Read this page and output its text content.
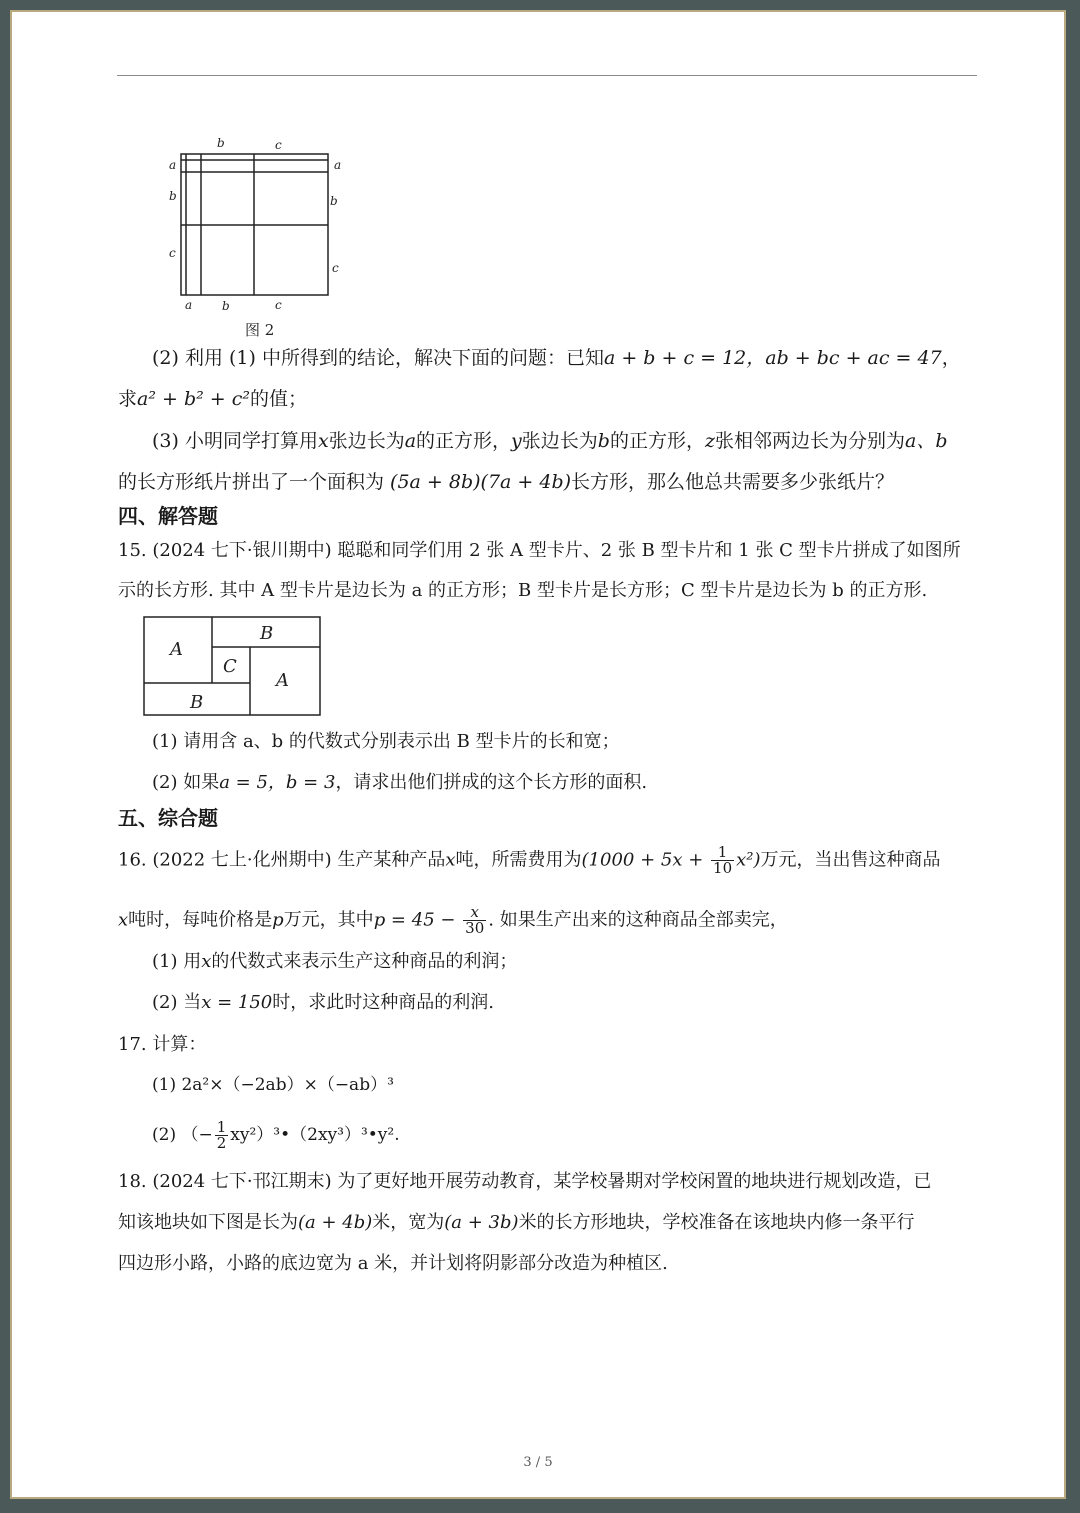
b	c
a
b
c
a
b
c
a b	c
图 2
(2) 利用 (1) 中所得到的结论，解决下面的问题：已知a + b + c = 12，ab + bc + ac = 47，
求a² + b² + c²的值；
(3) 小明同学打算用x张边长为a的正方形，y张边长为b的正方形，z张相邻两边长为分别为a、b
的长方形纸片拼出了一个面积为 (5a + 8b)(7a + 4b)长方形，那么他总共需要多少张纸片？
四、解答题
15. (2024 七下·银川期中) 聪聪和同学们用 2 张 A 型卡片、2 张 B 型卡片和 1 张 C 型卡片拼成了如图所
示的长方形. 其中 A 型卡片是边长为 a 的正方形；B 型卡片是长方形；C 型卡片是边长为 b 的正方形.
A
B
C
A
B
(1) 请用含 a、b 的代数式分别表示出 B 型卡片的长和宽；
(2) 如果a = 5，b = 3，请求出他们拼成的这个长方形的面积.
五、综合题
16. (2022 七上·化州期中) 生产某种产品x吨，所需费用为$(1000 + 5x + \frac{1}{10} x^2)$万元，当出售这种商品
x吨时，每吨价格是p万元，其中$p = 45 - \frac{x}{30}$ . 如果生产出来的这种商品全部卖完，
(1) 用x的代数式来表示生产这种商品的利润；
(2) 当x = 150时，求此时这种商品的利润.
17. 计算：
(1) 2a²×（−2ab）×（−ab）³
(2) （− $\frac{1}{2}$ xy²）³•（2xy³）³•y².
18. (2024 七下·邗江期末) 为了更好地开展劳动教育，某学校暑期对学校闲置的地块进行规划改造，已
知该地块如下图是长为(a + 4b)米，宽为(a + 3b)米的长方形地块，学校准备在该地块内修一条平行
四边形小路，小路的底边宽为 a 米，并计划将阴影部分改造为种植区.
3 / 5
